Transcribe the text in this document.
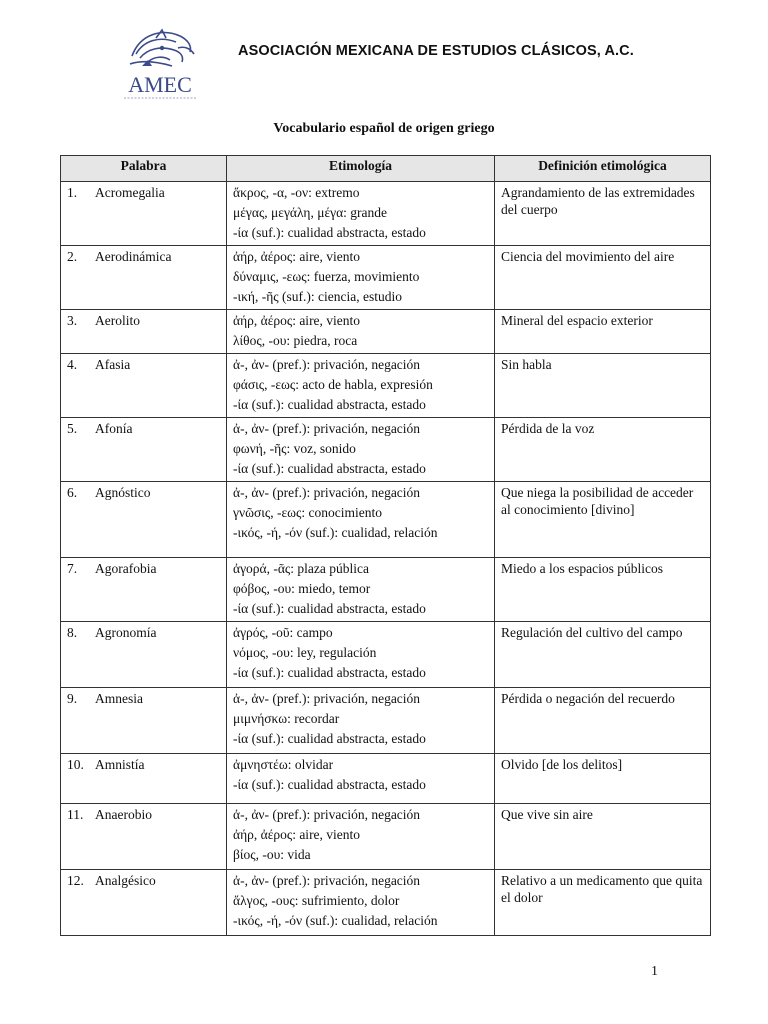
AMEC
ASOCIACIÓN MEXICANA DE ESTUDIOS CLÁSICOS, A.C.
Vocabulario español de origen griego
Palabra	Etimología	Definición etimológica
1. Acromegalia	ἄκρος, -α, -ον: extremo
μέγας, μεγάλη, μέγα: grande
-ία (suf.): cualidad abstracta, estado	Agrandamiento de las extremidades del cuerpo
2. Aerodinámica	ἀήρ, ἀέρος: aire, viento
δύναμις, -εως: fuerza, movimiento
-ική, -ῆς (suf.): ciencia, estudio	Ciencia del movimiento del aire
3. Aerolito	ἀήρ, ἀέρος: aire, viento
λίθος, -ου: piedra, roca	Mineral del espacio exterior
4. Afasia	ἀ-, ἀν- (pref.): privación, negación
φάσις, -εως: acto de habla, expresión
-ία (suf.): cualidad abstracta, estado	Sin habla
5. Afonía	ἀ-, ἀν- (pref.): privación, negación
φωνή, -ῆς: voz, sonido
-ία (suf.): cualidad abstracta, estado	Pérdida de la voz
6. Agnóstico	ἀ-, ἀν- (pref.): privación, negación
γνῶσις, -εως: conocimiento
-ικός, -ή, -όν (suf.): cualidad, relación	Que niega la posibilidad de acceder al conocimiento [divino]
7. Agorafobia	ἀγορά, -ᾶς: plaza pública
φόβος, -ου: miedo, temor
-ία (suf.): cualidad abstracta, estado	Miedo a los espacios públicos
8. Agronomía	ἀγρός, -οῦ: campo
νόμος, -ου: ley, regulación
-ία (suf.): cualidad abstracta, estado	Regulación del cultivo del campo
9. Amnesia	ἀ-, ἀν- (pref.): privación, negación
μιμνήσκω: recordar
-ία (suf.): cualidad abstracta, estado	Pérdida o negación del recuerdo
10. Amnistía	ἀμνηστέω: olvidar
-ία (suf.): cualidad abstracta, estado	Olvido [de los delitos]
11. Anaerobio	ἀ-, ἀν- (pref.): privación, negación
ἀήρ, ἀέρος: aire, viento
βίος, -ου: vida	Que vive sin aire
12. Analgésico	ἀ-, ἀν- (pref.): privación, negación
ἄλγος, -ους: sufrimiento, dolor
-ικός, -ή, -όν (suf.): cualidad, relación	Relativo a un medicamento que quita el dolor
1
